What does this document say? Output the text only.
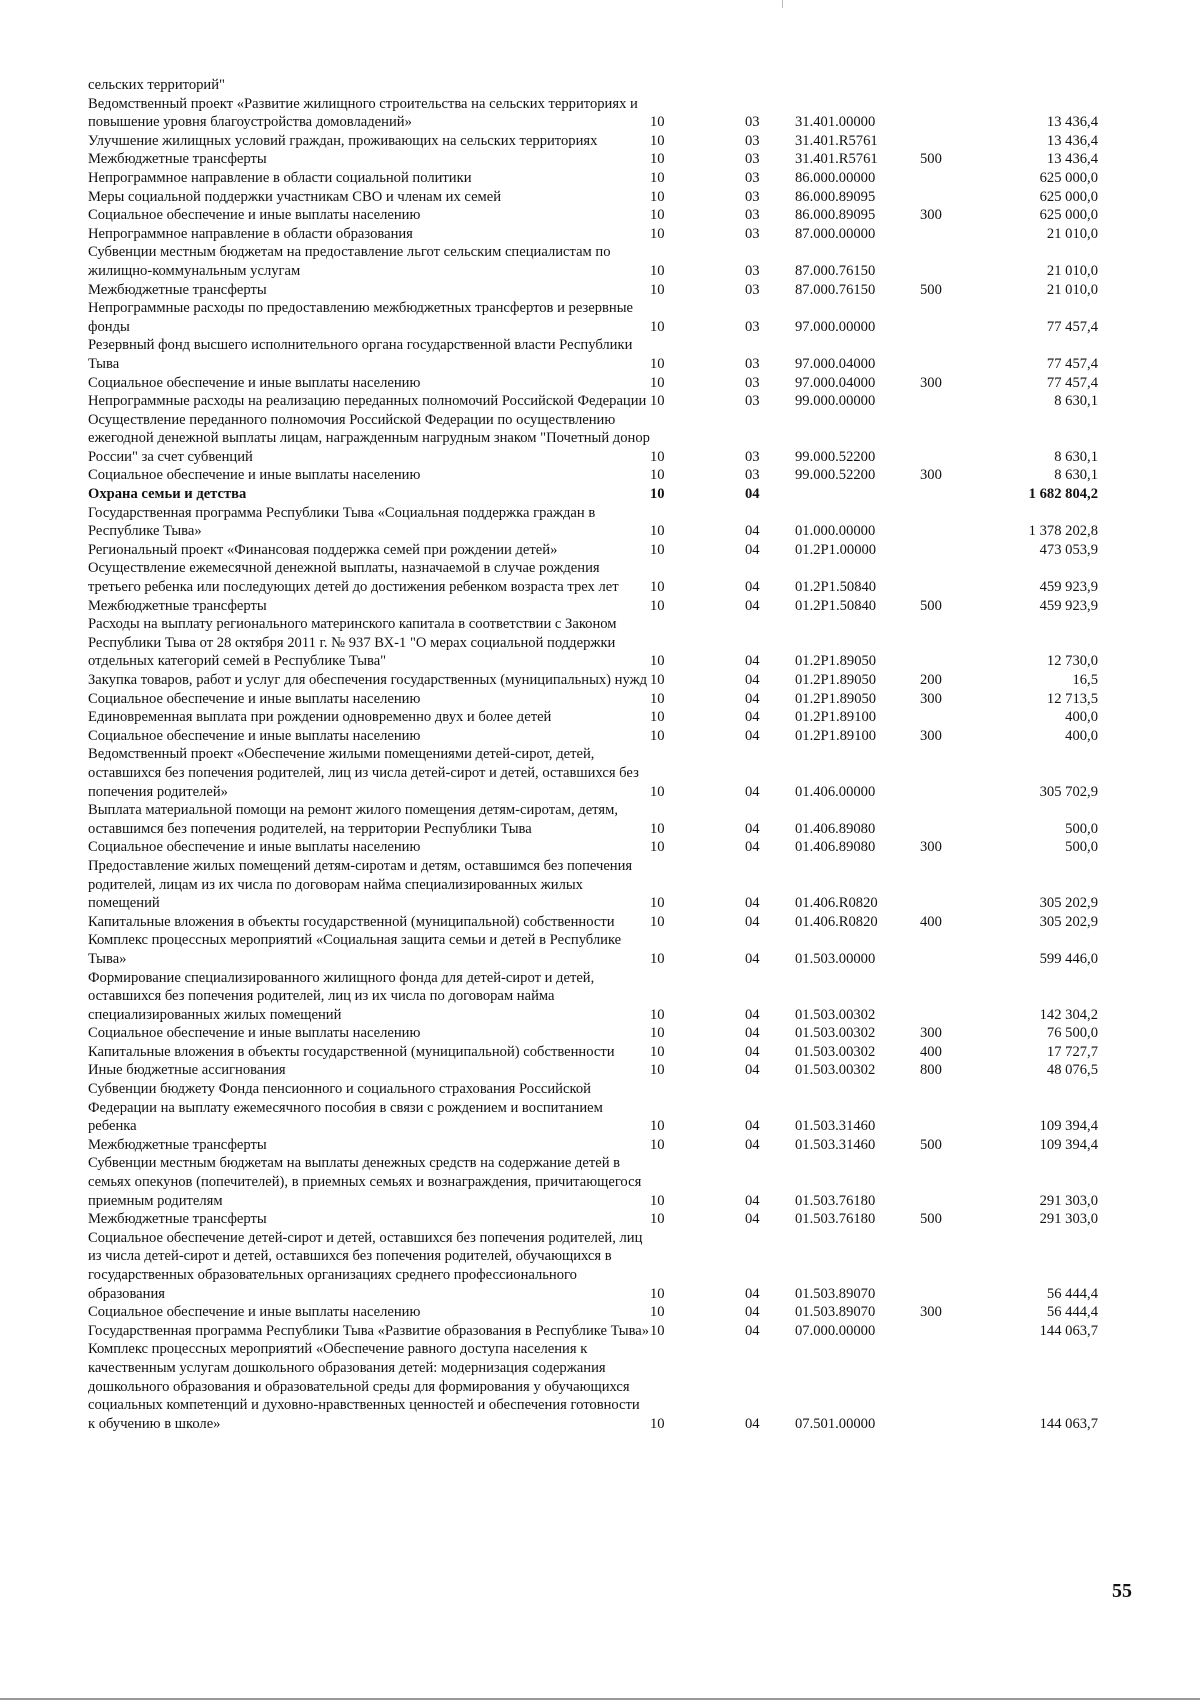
сельских территорий"					
Ведомственный проект «Развитие жилищного строительства на сельских территориях и повышение уровня благоустройства домовладений»	10	03	31.401.00000		13 436,4
Улучшение жилищных условий граждан, проживающих на сельских территориях	10	03	31.401.R5761		13 436,4
Межбюджетные трансферты	10	03	31.401.R5761	500	13 436,4
Непрограммное направление в области социальной политики	10	03	86.000.00000		625 000,0
Меры социальной поддержки участникам СВО и членам их семей	10	03	86.000.89095		625 000,0
Социальное обеспечение и иные выплаты населению	10	03	86.000.89095	300	625 000,0
Непрограммное направление в области образования	10	03	87.000.00000		21 010,0
Субвенции местным бюджетам на предоставление льгот сельским специалистам по жилищно-коммунальным услугам	10	03	87.000.76150		21 010,0
Межбюджетные трансферты	10	03	87.000.76150	500	21 010,0
Непрограммные расходы по предоставлению межбюджетных трансфертов и резервные фонды	10	03	97.000.00000		77 457,4
Резервный фонд высшего исполнительного органа государственной власти Республики Тыва	10	03	97.000.04000		77 457,4
Социальное обеспечение и иные выплаты населению	10	03	97.000.04000	300	77 457,4
Непрограммные расходы на реализацию переданных полномочий Российской Федерации	10	03	99.000.00000		8 630,1
Осуществление переданного полномочия Российской Федерации по осуществлению ежегодной денежной выплаты лицам, награжденным нагрудным знаком "Почетный донор России" за счет субвенций	10	03	99.000.52200		8 630,1
Социальное обеспечение и иные выплаты населению	10	03	99.000.52200	300	8 630,1
Охрана семьи и детства	10	04			1 682 804,2
Государственная программа Республики Тыва «Социальная поддержка граждан в Республике Тыва»	10	04	01.000.00000		1 378 202,8
Региональный проект «Финансовая поддержка семей при рождении детей»	10	04	01.2Р1.00000		473 053,9
Осуществление ежемесячной денежной выплаты, назначаемой в случае рождения третьего ребенка или последующих детей до достижения ребенком возраста трех лет	10	04	01.2Р1.50840		459 923,9
Межбюджетные трансферты	10	04	01.2Р1.50840	500	459 923,9
Расходы на выплату регионального материнского капитала в соответствии с Законом Республики Тыва от 28 октября 2011 г. № 937 ВХ-1 "О мерах социальной поддержки отдельных категорий семей в Республике Тыва"	10	04	01.2Р1.89050		12 730,0
Закупка товаров, работ и услуг для обеспечения государственных (муниципальных) нужд	10	04	01.2Р1.89050	200	16,5
Социальное обеспечение и иные выплаты населению	10	04	01.2Р1.89050	300	12 713,5
Единовременная выплата при рождении одновременно двух и более детей	10	04	01.2Р1.89100		400,0
Социальное обеспечение и иные выплаты населению	10	04	01.2Р1.89100	300	400,0
Ведомственный проект «Обеспечение жилыми помещениями детей-сирот, детей, оставшихся без попечения родителей, лиц из числа детей-сирот и детей, оставшихся без попечения родителей»	10	04	01.406.00000		305 702,9
Выплата материальной помощи на ремонт жилого помещения детям-сиротам, детям, оставшимся без попечения родителей, на территории Республики Тыва	10	04	01.406.89080		500,0
Социальное обеспечение и иные выплаты населению	10	04	01.406.89080	300	500,0
Предоставление жилых помещений детям-сиротам и детям, оставшимся без попечения родителей, лицам из их числа по договорам найма специализированных жилых помещений	10	04	01.406.R0820		305 202,9
Капитальные вложения в объекты государственной (муниципальной) собственности	10	04	01.406.R0820	400	305 202,9
Комплекс процессных мероприятий «Социальная защита семьи и детей в Республике Тыва»	10	04	01.503.00000		599 446,0
Формирование специализированного жилищного фонда для детей-сирот и детей, оставшихся без попечения родителей, лиц из их числа по договорам найма специализированных жилых помещений	10	04	01.503.00302		142 304,2
Социальное обеспечение и иные выплаты населению	10	04	01.503.00302	300	76 500,0
Капитальные вложения в объекты государственной (муниципальной) собственности	10	04	01.503.00302	400	17 727,7
Иные бюджетные ассигнования	10	04	01.503.00302	800	48 076,5
Субвенции бюджету Фонда пенсионного и социального страхования Российской Федерации на выплату ежемесячного пособия в связи с рождением и воспитанием ребенка	10	04	01.503.31460		109 394,4
Межбюджетные трансферты	10	04	01.503.31460	500	109 394,4
Субвенции местным бюджетам на выплаты денежных средств на содержание детей в семьях опекунов (попечителей), в приемных семьях и вознаграждения, причитающегося приемным родителям	10	04	01.503.76180		291 303,0
Межбюджетные трансферты	10	04	01.503.76180	500	291 303,0
Социальное обеспечение детей-сирот и детей, оставшихся без попечения родителей, лиц из числа детей-сирот и детей, оставшихся без попечения родителей, обучающихся в государственных образовательных организациях среднего профессионального образования	10	04	01.503.89070		56 444,4
Социальное обеспечение и иные выплаты населению	10	04	01.503.89070	300	56 444,4
Государственная программа Республики Тыва «Развитие образования в Республике Тыва»	10	04	07.000.00000		144 063,7
Комплекс процессных мероприятий «Обеспечение равного доступа населения к качественным услугам дошкольного образования детей: модернизация содержания дошкольного образования и образовательной среды для формирования у обучающихся социальных компетенций и духовно-нравственных ценностей и обеспечения готовности к обучению в школе»	10	04	07.501.00000		144 063,7
55
